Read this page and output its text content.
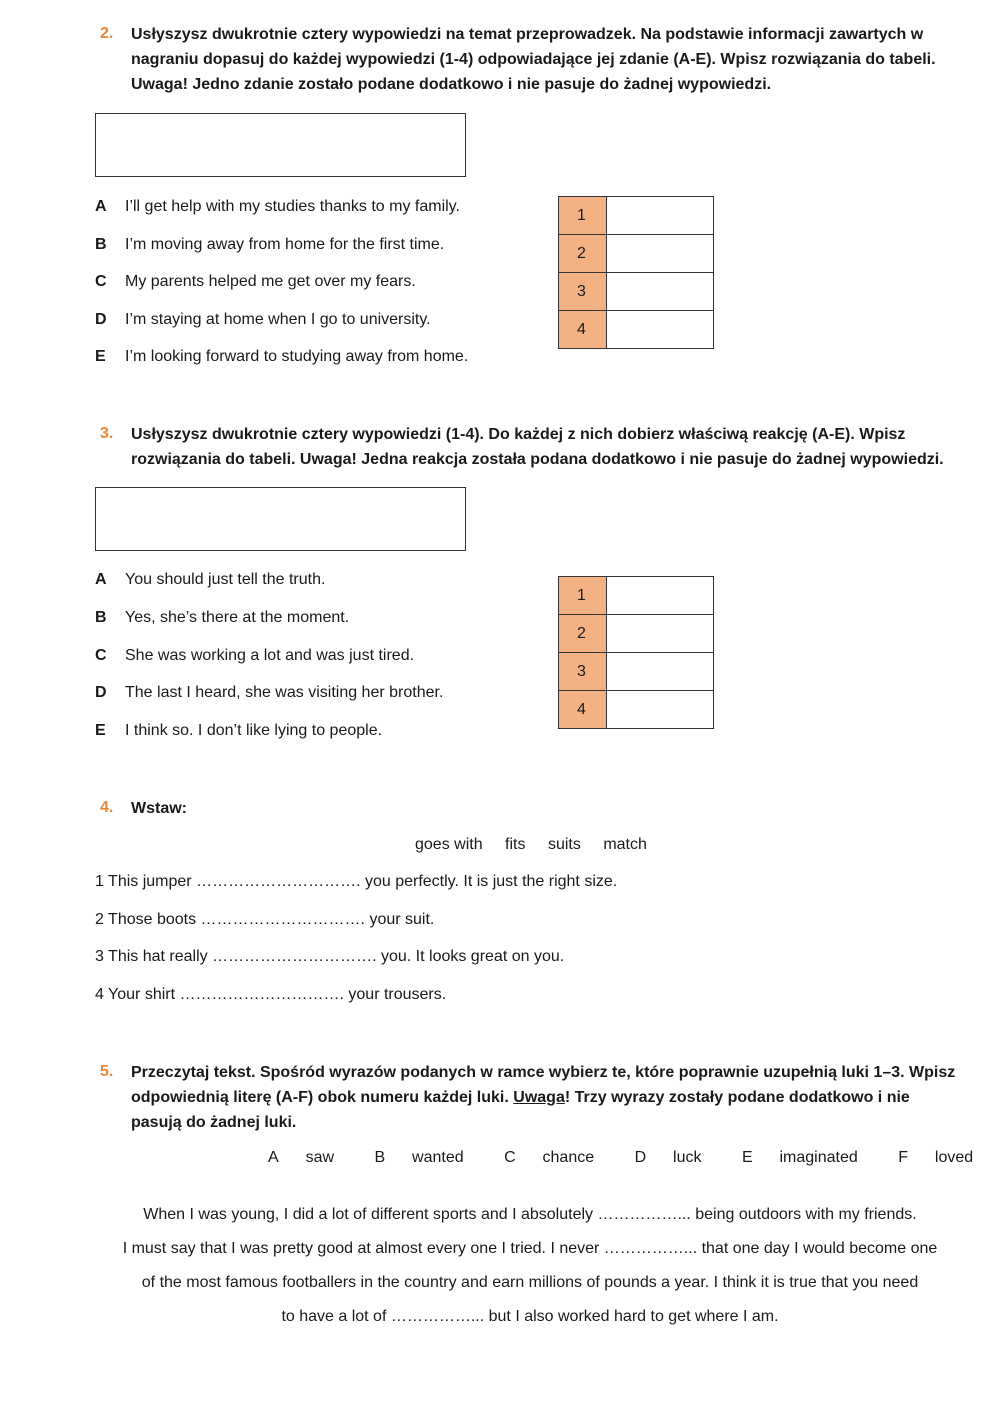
2. Usłyszysz dwukrotnie cztery wypowiedzi na temat przeprowadzek. Na podstawie informacji zawartych w
nagraniu dopasuj do każdej wypowiedzi (1-4) odpowiadające jej zdanie (A-E). Wpisz rozwiązania do tabeli.
Uwaga! Jedno zdanie zostało podane dodatkowo i nie pasuje do żadnej wypowiedzi.
A I’ll get help with my studies thanks to my family.
B I’m moving away from home for the first time.
C My parents helped me get over my fears.
D I’m staying at home when I go to university.
E I’m looking forward to studying away from home.
1	
2	
3	
4	
3. Usłyszysz dwukrotnie cztery wypowiedzi (1-4). Do każdej z nich dobierz właściwą reakcję (A-E). Wpisz
rozwiązania do tabeli. Uwaga! Jedna reakcja została podana dodatkowo i nie pasuje do żadnej wypowiedzi.
A You should just tell the truth.
B Yes, she’s there at the moment.
C She was working a lot and was just tired.
D The last I heard, she was visiting her brother.
E I think so. I don’t like lying to people.
1	
2	
3	
4	
4. Wstaw:
goes with fits suits match
1 This jumper …………………………. you perfectly. It is just the right size.
2 Those boots …………………………. your suit.
3 This hat really …………………………. you. It looks great on you.
4 Your shirt …………………………. your trousers.
5. Przeczytaj tekst. Spośród wyrazów podanych w ramce wybierz te, które poprawnie uzupełnią luki 1–3. Wpisz
odpowiednią literę (A-F) obok numeru każdej luki. Uwaga! Trzy wyrazy zostały podane dodatkowo i nie
pasują do żadnej luki.
A saw	B wanted	C chance	D luck	E imaginated	F loved
When I was young, I did a lot of different sports and I absolutely ……………... being outdoors with my friends.
I must say that I was pretty good at almost every one I tried. I never ……………... that one day I would become one
of the most famous footballers in the country and earn millions of pounds a year. I think it is true that you need
to have a lot of ……………... but I also worked hard to get where I am.
